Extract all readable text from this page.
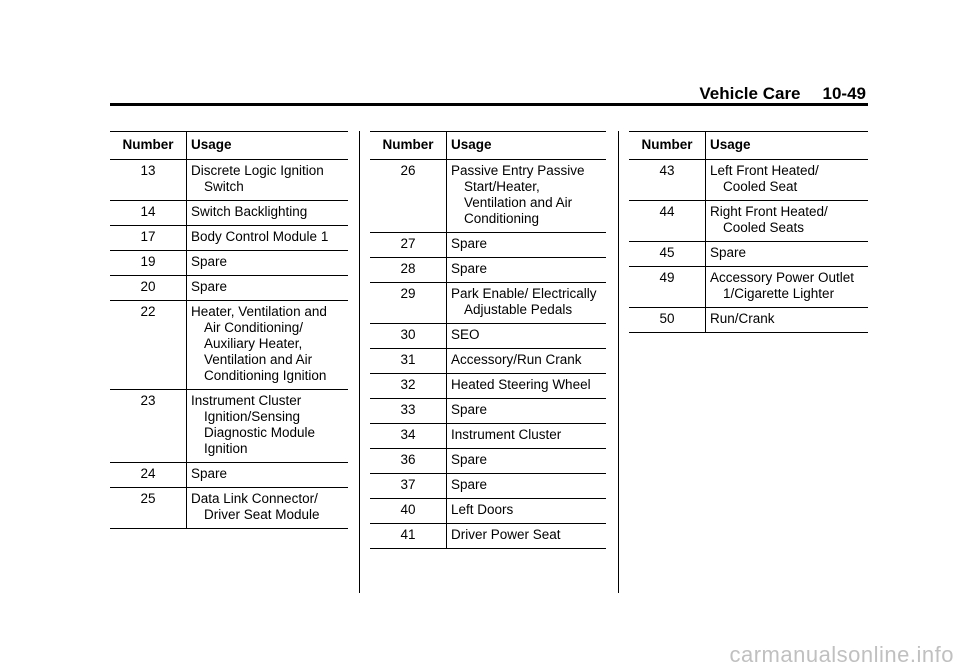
Vehicle Care 10-49
Number	Usage
13	Discrete Logic Ignition Switch

14	Switch Backlighting

17	Body Control Module 1

19	Spare

20	Spare

22	Heater, Ventilation and Air Conditioning/ Auxiliary Heater, Ventilation and Air Conditioning Ignition

23	Instrument Cluster Ignition/Sensing Diagnostic Module Ignition

24	Spare

25	Data Link Connector/ Driver Seat Module
Number	Usage
26	Passive Entry Passive Start/Heater, Ventilation and Air Conditioning

27	Spare

28	Spare

29	Park Enable/ Electrically Adjustable Pedals

30	SEO

31	Accessory/Run Crank

32	Heated Steering Wheel

33	Spare

34	Instrument Cluster

36	Spare

37	Spare

40	Left Doors

41	Driver Power Seat
Number	Usage
43	Left Front Heated/ Cooled Seat

44	Right Front Heated/ Cooled Seats

45	Spare

49	Accessory Power Outlet 1/Cigarette Lighter

50	Run/Crank
carmanualsonline.info
